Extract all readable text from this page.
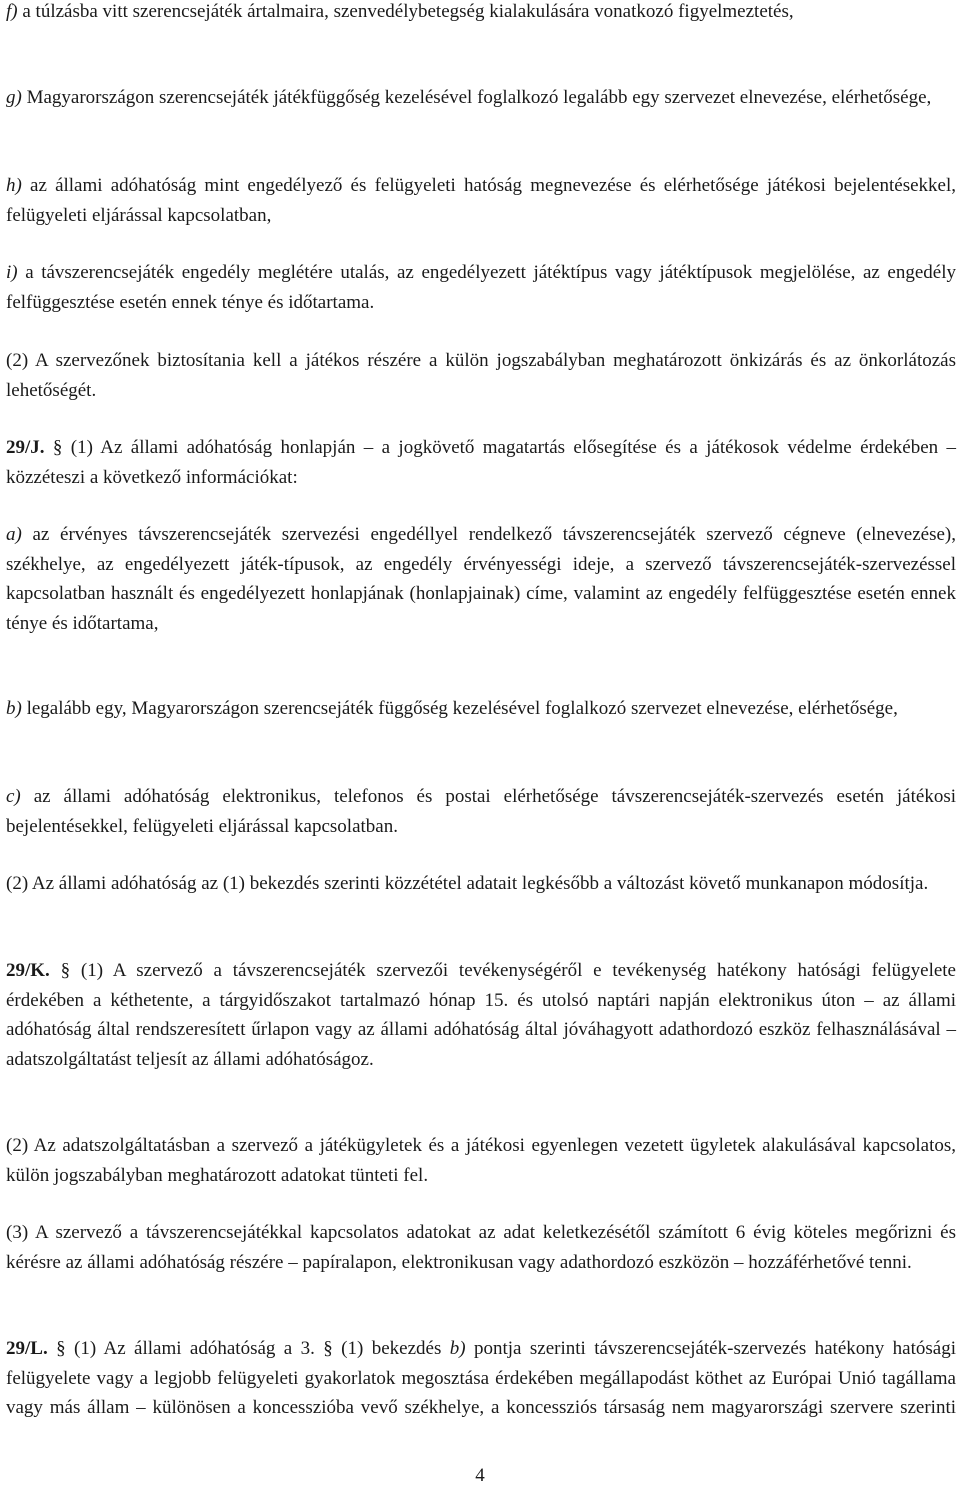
f) a túlzásba vitt szerencsejáték ártalmaira, szenvedélybetegség kialakulására vonatkozó figyelmeztetés,

g) Magyarországon szerencsejáték játékfüggőség kezelésével foglalkozó legalább egy szervezet elnevezése, elérhetősége,

h) az állami adóhatóság mint engedélyező és felügyeleti hatóság megnevezése és elérhetősége játékosi bejelentésekkel, felügyeleti eljárással kapcsolatban,

i) a távszerencsejáték engedély meglétére utalás, az engedélyezett játéktípus vagy játéktípusok megjelölése, az engedély felfüggesztése esetén ennek ténye és időtartama.

(2) A szervezőnek biztosítania kell a játékos részére a külön jogszabályban meghatározott önkizárás és az önkorlátozás lehetőségét.

29/J. § (1) Az állami adóhatóság honlapján – a jogkövető magatartás elősegítése és a játékosok védelme érdekében – közzéteszi a következő információkat:

a) az érvényes távszerencsejáték szervezési engedéllyel rendelkező távszerencsejáték szervező cégneve (elnevezése), székhelye, az engedélyezett játék-típusok, az engedély érvényességi ideje, a szervező távszerencsejáték-szervezéssel kapcsolatban használt és engedélyezett honlapjának (honlapjainak) címe, valamint az engedély felfüggesztése esetén ennek ténye és időtartama,

b) legalább egy, Magyarországon szerencsejáték függőség kezelésével foglalkozó szervezet elnevezése, elérhetősége,

c) az állami adóhatóság elektronikus, telefonos és postai elérhetősége távszerencsejáték-szervezés esetén játékosi bejelentésekkel, felügyeleti eljárással kapcsolatban.

(2) Az állami adóhatóság az (1) bekezdés szerinti közzététel adatait legkésőbb a változást követő munkanapon módosítja.

29/K. § (1) A szervező a távszerencsejáték szervezői tevékenységéről e tevékenység hatékony hatósági felügyelete érdekében a kéthetente, a tárgyidőszakot tartalmazó hónap 15. és utolsó naptári napján elektronikus úton – az állami adóhatóság által rendszeresített űrlapon vagy az állami adóhatóság által jóváhagyott adathordozó eszköz felhasználásával – adatszolgáltatást teljesít az állami adóhatóságoz.

(2) Az adatszolgáltatásban a szervező a játékügyletek és a játékosi egyenlegen vezetett ügyletek alakulásával kapcsolatos, külön jogszabályban meghatározott adatokat tünteti fel.

(3) A szervező a távszerencsejátékkal kapcsolatos adatokat az adat keletkezésétől számított 6 évig köteles megőrizni és kérésre az állami adóhatóság részére – papíralapon, elektronikusan vagy adathordozó eszközön – hozzáférhetővé tenni.

29/L. § (1) Az állami adóhatóság a 3. § (1) bekezdés b) pontja szerinti távszerencsejáték-szervezés hatékony hatósági felügyelete vagy a legjobb felügyeleti gyakorlatok megosztása érdekében megállapodást köthet az Európai Unió tagállama vagy más állam – különösen a koncesszióba vevő székhelye, a koncessziós társaság nem magyarországi szervere szerinti

4
